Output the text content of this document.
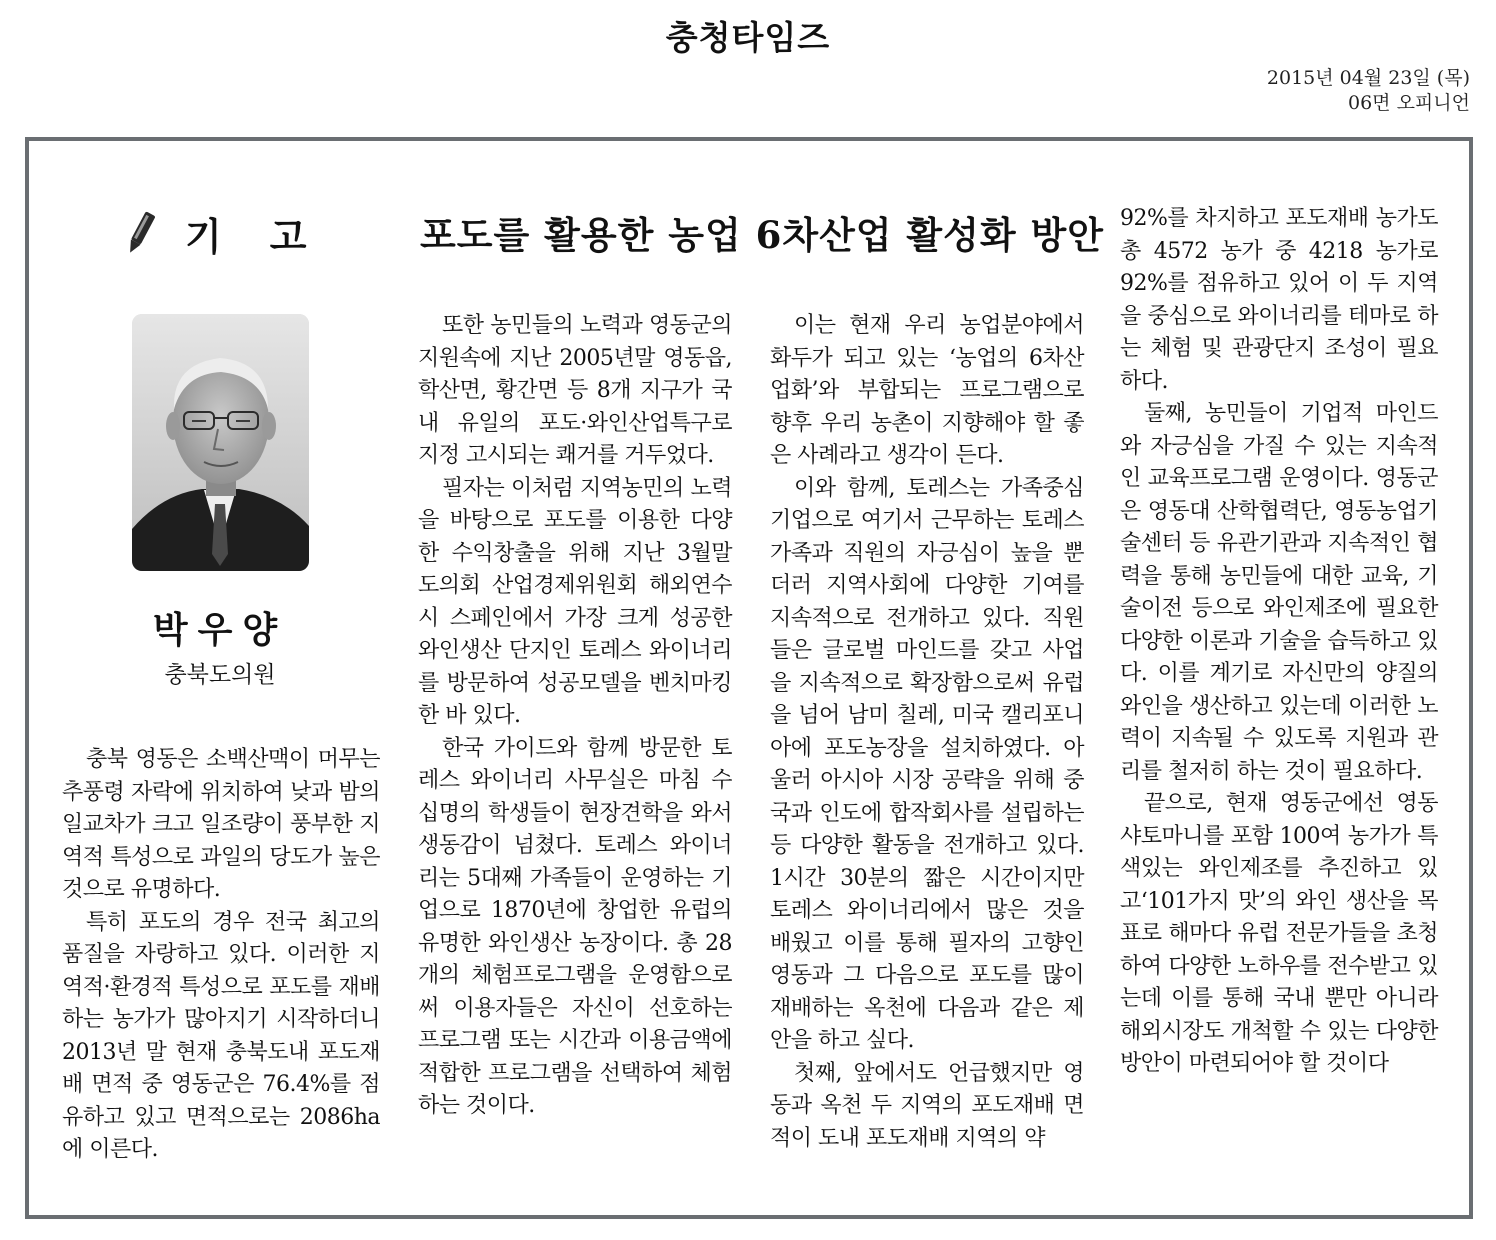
충청타임즈
2015년 04월 23일 (목)
06면 오피니언
기고 포도를 활용한 농업 6차산업 활성화 방안
박우양
충북도의원

충북 영동은 소백산맥이 머무는 추풍령 자락에 위치하여 낮과 밤의 일교차가 크고 일조량이 풍부한 지역적 특성으로 과일의 당도가 높은 것으로 유명하다.

특히 포도의 경우 전국 최고의 품질을 자랑하고 있다. 이러한 지역적·환경적 특성으로 포도를 재배하는 농가가 많아지기 시작하더니 2013년 말 현재 충북도내 포도재배 면적 중 영동군은 76.4%를 점유하고 있고 면적으로는 2086ha에 이른다.

또한 농민들의 노력과 영동군의 지원속에 지난 2005년말 영동읍, 학산면, 황간면 등 8개 지구가 국내 유일의 포도·와인산업특구로 지정 고시되는 쾌거를 거두었다.

필자는 이처럼 지역농민의 노력을 바탕으로 포도를 이용한 다양한 수익창출을 위해 지난 3월말 도의회 산업경제위원회 해외연수시 스페인에서 가장 크게 성공한 와인생산 단지인 토레스 와이너리를 방문하여 성공모델을 벤치마킹한 바 있다.

한국 가이드와 함께 방문한 토레스 와이너리 사무실은 마침 수십명의 학생들이 현장견학을 와서 생동감이 넘쳤다. 토레스 와이너리는 5대째 가족들이 운영하는 기업으로 1870년에 창업한 유럽의 유명한 와인생산 농장이다. 총 28개의 체험프로그램을 운영함으로써 이용자들은 자신이 선호하는 프로그램 또는 시간과 이용금액에 적합한 프로그램을 선택하여 체험하는 것이다.

이는 현재 우리 농업분야에서 화두가 되고 있는 ‘농업의 6차산업화’와 부합되는 프로그램으로 향후 우리 농촌이 지향해야 할 좋은 사례라고 생각이 든다.

이와 함께, 토레스는 가족중심 기업으로 여기서 근무하는 토레스 가족과 직원의 자긍심이 높을 뿐더러 지역사회에 다양한 기여를 지속적으로 전개하고 있다. 직원들은 글로벌 마인드를 갖고 사업을 지속적으로 확장함으로써 유럽을 넘어 남미 칠레, 미국 캘리포니아에 포도농장을 설치하였다. 아울러 아시아 시장 공략을 위해 중국과 인도에 합작회사를 설립하는 등 다양한 활동을 전개하고 있다. 1시간 30분의 짧은 시간이지만 토레스 와이너리에서 많은 것을 배웠고 이를 통해 필자의 고향인 영동과 그 다음으로 포도를 많이 재배하는 옥천에 다음과 같은 제안을 하고 싶다.

첫째, 앞에서도 언급했지만 영동과 옥천 두 지역의 포도재배 면적이 도내 포도재배 지역의 약

92%를 차지하고 포도재배 농가도 총 4572 농가 중 4218 농가로 92%를 점유하고 있어 이 두 지역을 중심으로 와이너리를 테마로 하는 체험 및 관광단지 조성이 필요하다.

둘째, 농민들이 기업적 마인드와 자긍심을 가질 수 있는 지속적인 교육프로그램 운영이다. 영동군은 영동대 산학협력단, 영동농업기술센터 등 유관기관과 지속적인 협력을 통해 농민들에 대한 교육, 기술이전 등으로 와인제조에 필요한 다양한 이론과 기술을 습득하고 있다. 이를 계기로 자신만의 양질의 와인을 생산하고 있는데 이러한 노력이 지속될 수 있도록 지원과 관리를 철저히 하는 것이 필요하다.

끝으로, 현재 영동군에선 영동샤토마니를 포함 100여 농가가 특색있는 와인제조를 추진하고 있고‘101가지 맛’의 와인 생산을 목표로 해마다 유럽 전문가들을 초청하여 다양한 노하우를 전수받고 있는데 이를 통해 국내 뿐만 아니라 해외시장도 개척할 수 있는 다양한 방안이 마련되어야 할 것이다
